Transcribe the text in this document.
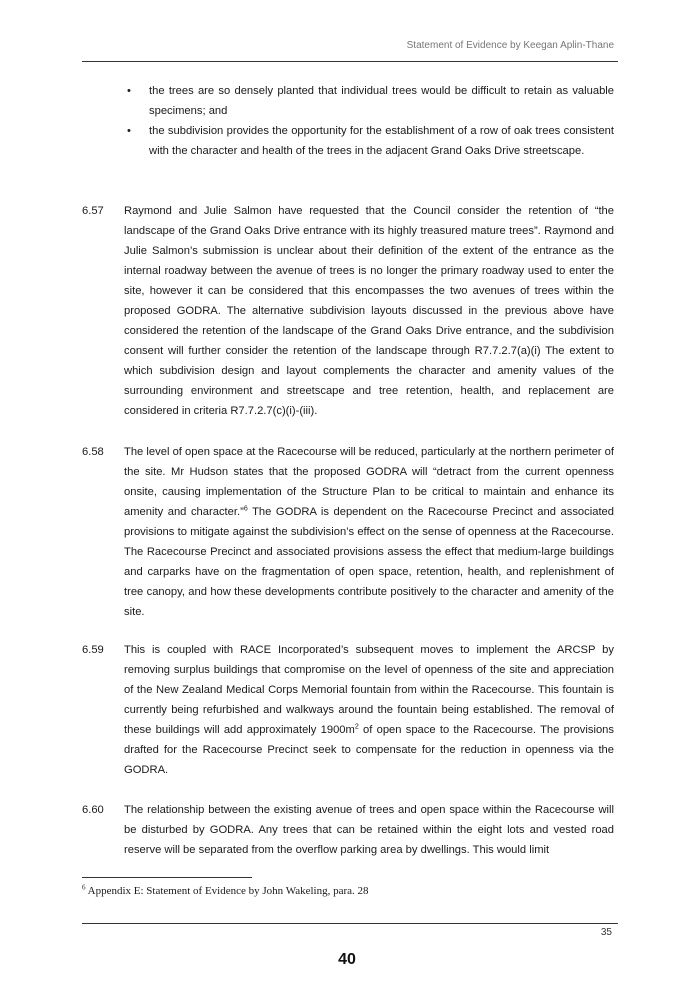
Statement of Evidence by Keegan Aplin-Thane
• the trees are so densely planted that individual trees would be difficult to retain as valuable specimens; and
• the subdivision provides the opportunity for the establishment of a row of oak trees consistent with the character and health of the trees in the adjacent Grand Oaks Drive streetscape.
6.57 Raymond and Julie Salmon have requested that the Council consider the retention of “the landscape of the Grand Oaks Drive entrance with its highly treasured mature trees”. Raymond and Julie Salmon’s submission is unclear about their definition of the extent of the entrance as the internal roadway between the avenue of trees is no longer the primary roadway used to enter the site, however it can be considered that this encompasses the two avenues of trees within the proposed GODRA. The alternative subdivision layouts discussed in the previous above have considered the retention of the landscape of the Grand Oaks Drive entrance, and the subdivision consent will further consider the retention of the landscape through R7.7.2.7(a)(i) The extent to which subdivision design and layout complements the character and amenity values of the surrounding environment and streetscape and tree retention, health, and replacement are considered in criteria R7.7.2.7(c)(i)-(iii).
6.58 The level of open space at the Racecourse will be reduced, particularly at the northern perimeter of the site. Mr Hudson states that the proposed GODRA will “detract from the current openness onsite, causing implementation of the Structure Plan to be critical to maintain and enhance its amenity and character.”$^6$ The GODRA is dependent on the Racecourse Precinct and associated provisions to mitigate against the subdivision’s effect on the sense of openness at the Racecourse. The Racecourse Precinct and associated provisions assess the effect that medium-large buildings and carparks have on the fragmentation of open space, retention, health, and replenishment of tree canopy, and how these developments contribute positively to the character and amenity of the site.
6.59 This is coupled with RACE Incorporated’s subsequent moves to implement the ARCSP by removing surplus buildings that compromise on the level of openness of the site and appreciation of the New Zealand Medical Corps Memorial fountain from within the Racecourse. This fountain is currently being refurbished and walkways around the fountain being established. The removal of these buildings will add approximately $1900m^2$ of open space to the Racecourse. The provisions drafted for the Racecourse Precinct seek to compensate for the reduction in openness via the GODRA.
6.60 The relationship between the existing avenue of trees and open space within the Racecourse will be disturbed by GODRA. Any trees that can be retained within the eight lots and vested road reserve will be separated from the overflow parking area by dwellings. This would limit
$^6$ Appendix E: Statement of Evidence by John Wakeling, para. 28
35
40
